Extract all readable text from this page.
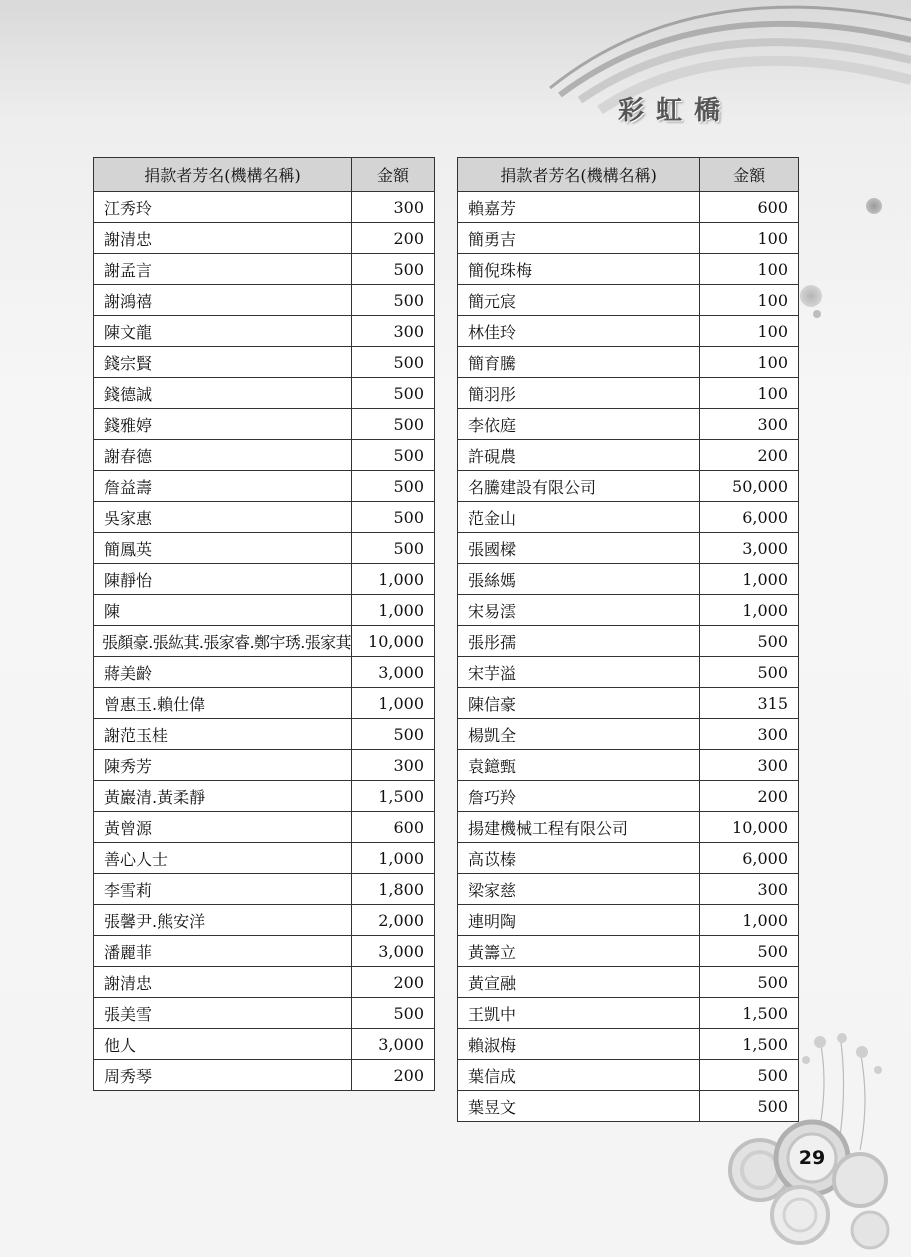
彩虹橋
29
捐款者芳名(機構名稱)	金額
江秀玲	300
謝清忠	200
謝孟言	500
謝鴻禧	500
陳文龍	300
錢宗賢	500
錢德誠	500
錢雅婷	500
謝春德	500
詹益壽	500
吳家惠	500
簡鳳英	500
陳靜怡	1,000
陳	1,000
張顏豪.張紘萁.張家睿.鄭宇琇.張家萁	10,000
蔣美齡	3,000
曾惠玉.賴仕偉	1,000
謝范玉桂	500
陳秀芳	300
黃巖清.黃柔靜	1,500
黃曾源	600
善心人士	1,000
李雪莉	1,800
張馨尹.熊安洋	2,000
潘麗菲	3,000
謝清忠	200
張美雪	500
他人	3,000
周秀琴	200
捐款者芳名(機構名稱)	金額
賴嘉芳	600
簡勇吉	100
簡倪珠梅	100
簡元宸	100
林佳玲	100
簡育騰	100
簡羽彤	100
李依庭	300
許硯農	200
名騰建設有限公司	50,000
范金山	6,000
張國樑	3,000
張絲媽	1,000
宋易澐	1,000
張彤孺	500
宋芋溢	500
陳信豪	315
楊凱全	300
袁鐿甄	300
詹巧羚	200
揚建機械工程有限公司	10,000
高苡榛	6,000
梁家慈	300
連明陶	1,000
黃籌立	500
黃宣融	500
王凱中	1,500
賴淑梅	1,500
葉信成	500
葉昱文	500
